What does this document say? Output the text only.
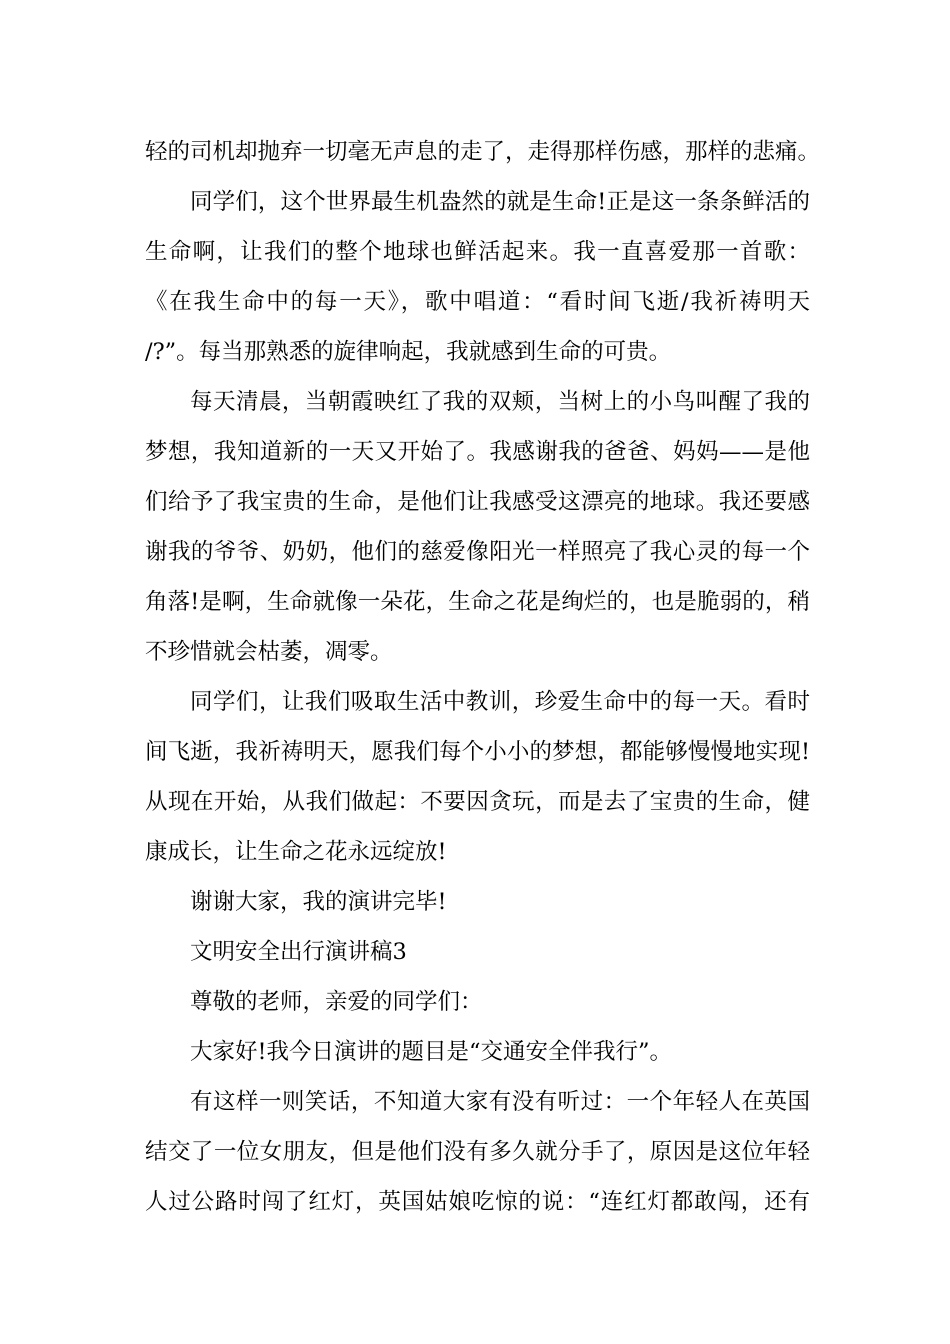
轻的司机却抛弃一切毫无声息的走了，走得那样伤感，那样的悲痛。
同学们，这个世界最生机盎然的就是生命!正是这一条条鲜活的
生命啊，让我们的整个地球也鲜活起来。我一直喜爱那一首歌：
《在我生命中的每一天》，歌中唱道：“看时间飞逝/我祈祷明天
/?”。每当那熟悉的旋律响起，我就感到生命的可贵。
每天清晨，当朝霞映红了我的双颊，当树上的小鸟叫醒了我的
梦想，我知道新的一天又开始了。我感谢我的爸爸、妈妈——是他
们给予了我宝贵的生命，是他们让我感受这漂亮的地球。我还要感
谢我的爷爷、奶奶，他们的慈爱像阳光一样照亮了我心灵的每一个
角落!是啊，生命就像一朵花，生命之花是绚烂的，也是脆弱的，稍
不珍惜就会枯萎，凋零。
同学们，让我们吸取生活中教训，珍爱生命中的每一天。看时
间飞逝，我祈祷明天，愿我们每个小小的梦想，都能够慢慢地实现!
从现在开始，从我们做起：不要因贪玩，而是去了宝贵的生命，健
康成长，让生命之花永远绽放!
谢谢大家，我的演讲完毕!
文明安全出行演讲稿3
尊敬的老师，亲爱的同学们：
大家好!我今日演讲的题目是“交通安全伴我行”。
有这样一则笑话，不知道大家有没有听过：一个年轻人在英国
结交了一位女朋友，但是他们没有多久就分手了，原因是这位年轻
人过公路时闯了红灯，英国姑娘吃惊的说：“连红灯都敢闯，还有
